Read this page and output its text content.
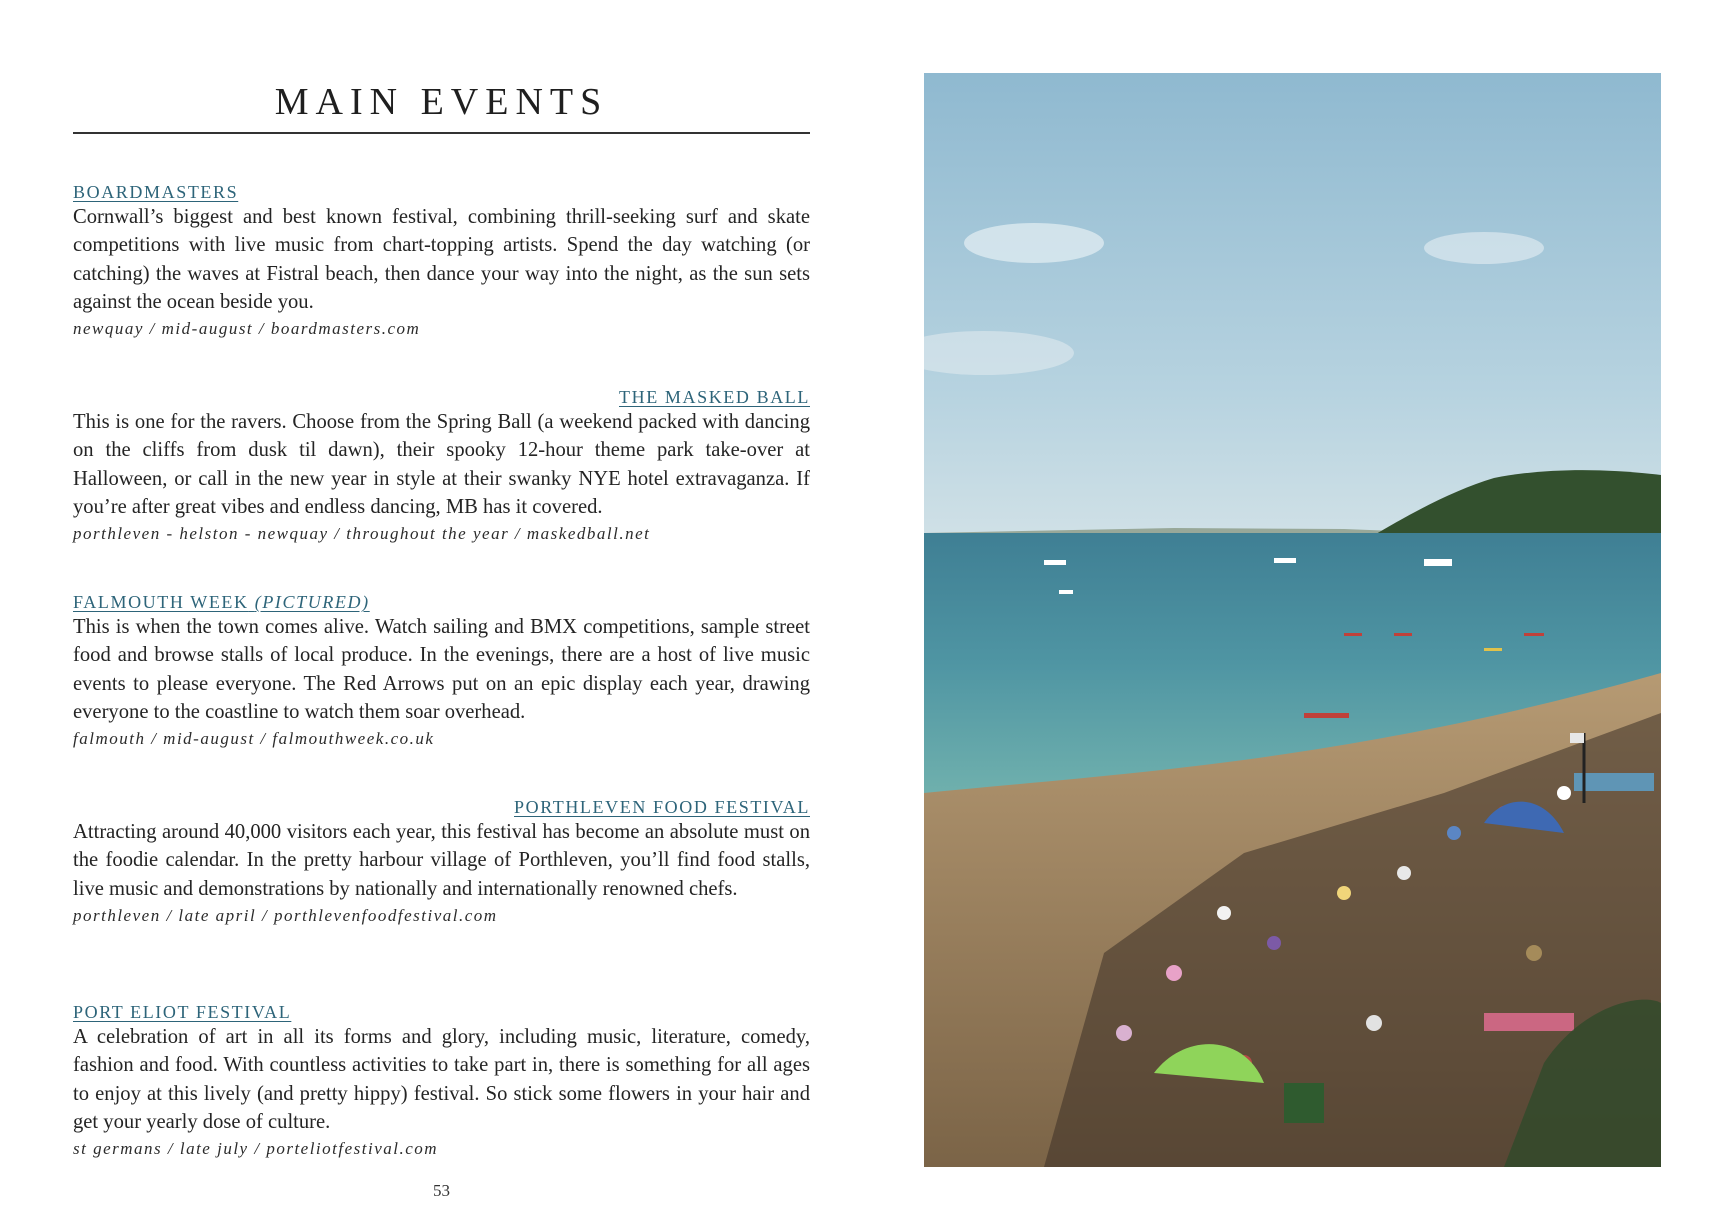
MAIN EVENTS
BOARDMASTERS

Cornwall’s biggest and best known festival, combining thrill-seeking surf and skate competitions with live music from chart-topping artists. Spend the day watching (or catching) the waves at Fistral beach, then dance your way into the night, as the sun sets against the ocean beside you.

newquay / mid-august / boardmasters.com
THE MASKED BALL

This is one for the ravers. Choose from the Spring Ball (a weekend packed with dancing on the cliffs from dusk til dawn), their spooky 12-hour theme park take-over at Halloween, or call in the new year in style at their swanky NYE hotel extravaganza. If you’re after great vibes and endless dancing, MB has it covered.

porthleven - helston - newquay / throughout the year / maskedball.net
FALMOUTH WEEK (PICTURED)

This is when the town comes alive. Watch sailing and BMX competitions, sample street food and browse stalls of local produce. In the evenings, there are a host of live music events to please everyone. The Red Arrows put on an epic display each year, drawing everyone to the coastline to watch them soar overhead.

falmouth / mid-august / falmouthweek.co.uk
PORTHLEVEN FOOD FESTIVAL

Attracting around 40,000 visitors each year, this festival has become an absolute must on the foodie calendar. In the pretty harbour village of Porthleven, you’ll find food stalls, live music and demonstrations by nationally and internationally renowned chefs.

porthleven / late april / porthlevenfoodfestival.com
PORT ELIOT FESTIVAL

A celebration of art in all its forms and glory, including music, literature, comedy, fashion and food. With countless activities to take part in, there is something for all ages to enjoy at this lively (and pretty hippy) festival. So stick some flowers in your hair and get your yearly dose of culture.

st germans / late july / porteliotfestival.com
53
